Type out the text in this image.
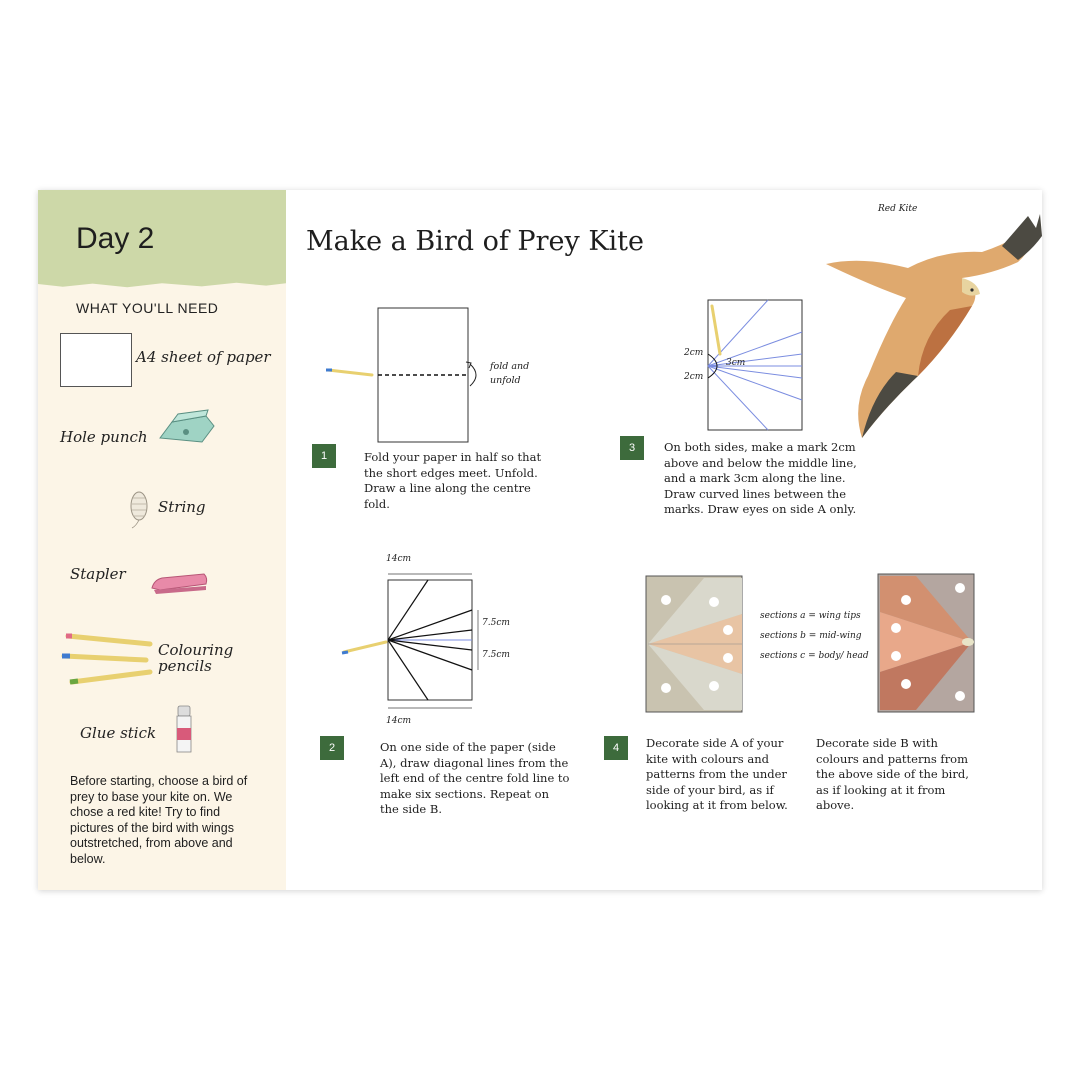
Day 2
WHAT YOU'LL NEED
A4 sheet of paper
Hole punch
String
Stapler
Colouring pencils
Glue stick
Before starting, choose a bird of prey to base your kite on. We chose a red kite! Try to find pictures of the bird with wings outstretched, from above and below.
Make a Bird of Prey Kite
Red Kite
fold and unfold
1	Fold your paper in half so that the short edges meet. Unfold. Draw a line along the centre fold.
14cm
7.5cm
7.5cm
14cm
2	On one side of the paper (side A), draw diagonal lines from the left end of the centre fold line to make six sections. Repeat on the side B.
2cm
2cm
3cm
3	On both sides, make a mark 2cm above and below the middle line, and a mark 3cm along the line. Draw curved lines between the marks. Draw eyes on side A only.
sections a = wing tips
sections b = mid-wing
sections c = body/ head
4	Decorate side A of your kite with colours and patterns from the under side of your bird, as if looking at it from below.
Decorate side B with colours and patterns from the above side of the bird, as if looking at it from above.
